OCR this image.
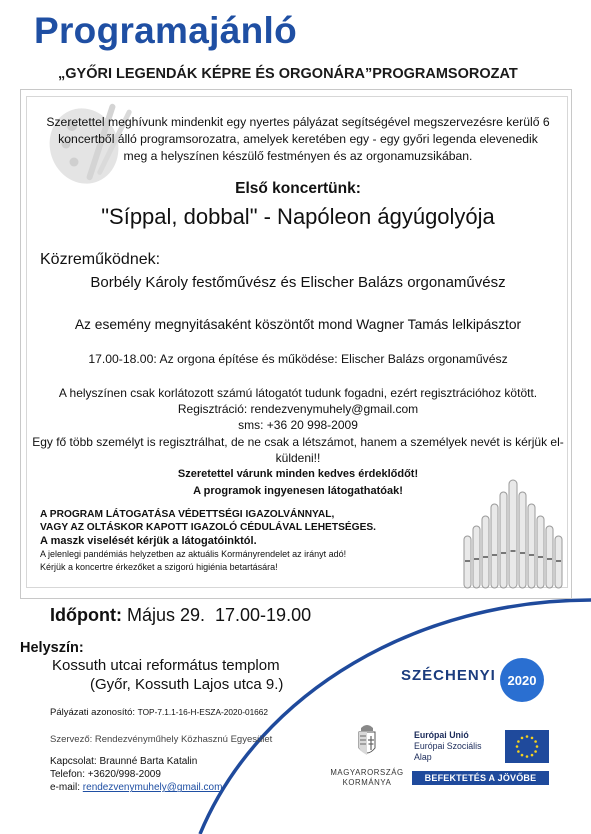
Programajánló
„GYŐRI LEGENDÁK KÉPRE ÉS ORGONÁRA”PROGRAMSOROZAT
Szeretettel meghívunk mindenkit egy nyertes pályázat segítségével megszervezésre kerülő 6
koncertből álló programsorozatra, amelyek keretében egy - egy győri legenda elevenedik
meg a helyszínen készülő festményen és az orgonamuzsikában.
Első koncertünk:
"Síppal, dobbal" - Napóleon ágyúgolyója
Közreműködnek:
Borbély Károly festőművész és Elischer Balázs orgonaművész
Az esemény megnyitásaként köszöntőt mond Wagner Tamás lelkipásztor
17.00-18.00: Az orgona építése és működése: Elischer Balázs orgonaművész
A helyszínen csak korlátozott számú látogatót tudunk fogadni, ezért regisztrációhoz kötött.
Regisztráció: rendezvenymuhely@gmail.com
sms: +36 20 998-2009
Egy fő több személyt is regisztrálhat, de ne csak a létszámot, hanem a személyek nevét is kérjük el-
küldeni!!
Szeretettel várunk minden kedves érdeklődőt!
A programok ingyenesen látogathatóak!
A PROGRAM LÁTOGATÁSA VÉDETTSÉGI IGAZOLVÁNNYAL,
VAGY AZ OLTÁSKOR KAPOTT IGAZOLÓ CÉDULÁVAL LEHETSÉGES.
A maszk viselését kérjük a látogatóinktól.
A jelenlegi pandémiás helyzetben az aktuális Kormányrendelet az irányt adó!
Kérjük a koncertre érkezőket a szigorú higiénia betartására!
Időpont: Május 29.  17.00-19.00
Helyszín:
Kossuth utcai református templom
(Győr, Kossuth Lajos utca 9.)
SZÉCHENYI 2020
Pályázati azonosító: TOP-7.1.1-16-H-ESZA-2020-01662
Szervező: Rendezvényműhely Közhasznú Egyesület
Kapcsolat: Braunné Barta Katalin
Telefon: +3620/998-2009
e-mail: rendezvenymuhely@gmail.com
MAGYARORSZÁG
KORMÁNYA
Európai Unió
Európai Szociális
Alap
BEFEKTETÉS A JÖVŐBE
